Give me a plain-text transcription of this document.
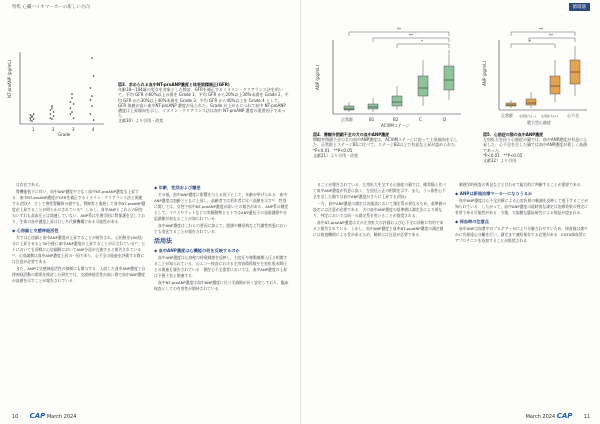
特集 心臓バイオマーカーの新しい方向
1	2	3	4
Grade
NT-proANP (pg/mL)	図3．求められる血中NT-proANP濃度と体表面積補正(GFR)
年齢18〜104歳の男女を対象とした検討．GFRを補正するイヌリン・クリアランス法を用いて，平均 GFR が60%以上の群を Grade 1，平均 GFR から20%以上30%未満を Grade 2，平均 GFR から30%以上40%未満を Grade 3，平均 GFR から40%以上を Grade 4 として，GFR 低値が高い血中NT-proANP 濃度が見られた．Grade が上がるにつれて血中 NT-proANP 濃度は上昇傾向を示し，イヌリン・クリアランス法は血中 NT-proANP 濃度の重要因子であった．
文献10）より引用・改変

は存在である。

腎機能低下に伴い，血中ANP濃度やでなく血中NT-proANP濃度も上昇する．血中NT-proANP濃度がGFRを補正するイヌリン・クリアランス法と関連する(図3)⁸．そして慢性腎臓病の値でも，腎障害と進展して血中NT-proANP濃度が上昇することが明らかにされている⁹．しかし，血中ANPとこれらの研究のいずれも高血圧とは関連していない．ANP系は生理学的に腎保護を呈しており，生体の血中濃度上昇はむしろ代償機構である可能性がある．

◆ 心房細と交感神経活性

犬では心房細と血中ANP濃度が上昇することが報告され，心拍数を200回/分に上昇させると30分後に血中ANP濃度が上昇することが示されている¹⁰．ヒトにおいても同様に心房細動においてANP分泌が亢進すると報告されている¹¹．心房細動は血中ANP濃度上昇の一因であり，心不全の経過を評価する際には注意が必要である．

また，ANPは交感神経活性の抑制にも関与する．入院した血中ANP濃度と自律神経活動の関係を検討した研究では，交感神経活性が高い群で血中ANP濃度が高値を示すことが報告されている．

◆ 年齢，性別および種差

その他，血中ANP濃度に影響を与える因子として，年齢が挙げられる．血中ANP濃度は加齢とともに上昇し，高齢者では若年者に比べ高値を示す¹²．性別に関しては，女性で血中NT-proANP濃度が高いとの報告がある．ANP系の種差として，マウスやラットなどの実験動物とヒトではANP遺伝子の発現調節や分泌調節が異なることが知られている．

血中ANP濃度はこれらの要因に加えて，肥満や糖尿病など代謝性疾患においても変化することが報告されている．

活用法
◆ 血中ANP濃度は心機能の何を反映するのか

血中ANP濃度は心房壁の伸展刺激を反映し，右房圧や肺動脈楔入圧と相関することが知られている．心エコー検査における左房容積係数や左室拡張末期圧との関連も報告されている．慢性心不全患者においては，血中ANP濃度の上昇は予後不良と関連する．

血中NT-proANP濃度は血中ANP濃度に比べ半減期が長く安定しており，臨床検査としての有用性が期待されている．

10 CAP March 2024
循環器
**
**
*
正常群	B1	B2	C	D
ACVIMステージ
ANP (pg/mL)
**
**
*
正常群 左房拡大(−) 左房拡大(+) 心不全
肥大型心筋症
ANP (pg/mL)
図4．僧帽弁閉鎖不全の犬の血中ANP濃度
僧帽弁閉鎖不全の犬の血中ANP濃度は，ACVIMステージに従って上昇傾向を示した．正常群とステージB1に比べて，ステージB2以上で有意な上昇が認められた．
*P<0.01　**P<0.05
文献21）より引用・改変
図5．心筋症の猫の血中ANP濃度
左房拡大を伴う心筋症の猫では，血中ANP濃度が有意に上昇した．心不全を呈した猫では血中ANP濃度が著しく高値であった．
*P<0.01　**P<0.05
文献22）より引用

ることが報告されている．左房拡大を呈する心筋症の猫では，健常猫と比べて血中ANP濃度が有意に高く，左房径と正の相関を示す．また，うっ血性心不全を呈した猫では血中ANP濃度がさらに上昇する(図5)．

一方，血中ANP濃度の測定は各施設において測定系が異なるため，基準値の設定には注意が必要である．犬の血中ANP濃度の基準値は測定法により異なり，判定においては同一の測定系を用いることが推奨される．

血中NT-proANP濃度は犬の左房拡大の評価および心不全の診断に有用であると報告されている．しかし，血中ANP濃度と血中NT-proANP濃度の測定値には検査機関による差があるため，解釈には注意が必要である．

肺理学的検査の所見などと合わせて総合的に判断することが重要である．

◆ ANPは新規治療マーカーになりうるか

血中ANP濃度は心不全治療による心房負荷の軽減を反映して低下することが知られている．したがって，血中ANP濃度の経時的な測定は治療効果の判定に有用である可能性がある．今後，大規模な臨床研究による検証が望まれる．

◆ 採血時の注意点

血中ANPは血漿中のプロテアーゼにより分解されやすいため，採血後は速やかに冷却遠心分離を行い，測定まで凍結保存する必要がある．EDTA採血管にアプロチニンを添加することが推奨される．

March 2024 CAP 11
